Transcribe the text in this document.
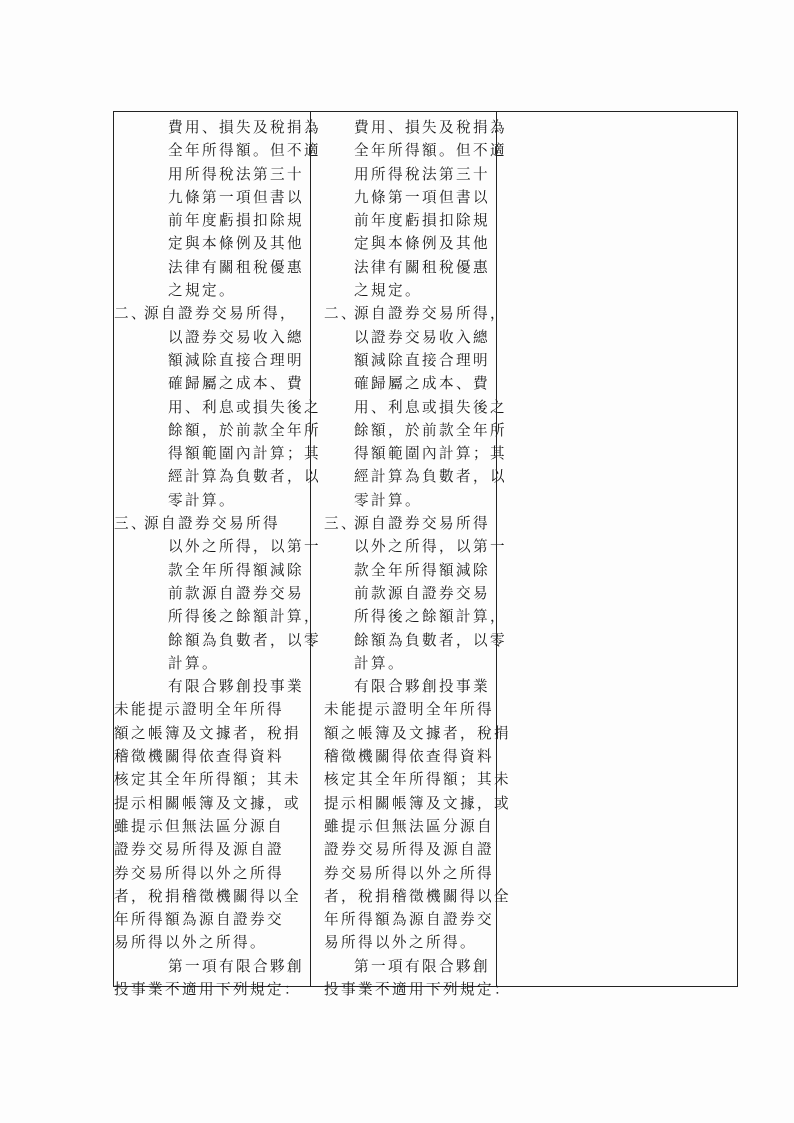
費用、損失及稅捐為
全年所得額。但不適
用所得稅法第三十
九條第一項但書以
前年度虧損扣除規
定與本條例及其他
法律有關租稅優惠
之規定。
二、源自證券交易所得，
以證券交易收入總
額減除直接合理明
確歸屬之成本、費
用、利息或損失後之
餘額，於前款全年所
得額範圍內計算；其
經計算為負數者，以
零計算。
三、源自證券交易所得
以外之所得，以第一
款全年所得額減除
前款源自證券交易
所得後之餘額計算，
餘額為負數者，以零
計算。
有限合夥創投事業
未能提示證明全年所得
額之帳簿及文據者，稅捐
稽徵機關得依查得資料
核定其全年所得額；其未
提示相關帳簿及文據，或
雖提示但無法區分源自
證券交易所得及源自證
券交易所得以外之所得
者，稅捐稽徵機關得以全
年所得額為源自證券交
易所得以外之所得。
第一項有限合夥創
投事業不適用下列規定：
費用、損失及稅捐為
全年所得額。但不適
用所得稅法第三十
九條第一項但書以
前年度虧損扣除規
定與本條例及其他
法律有關租稅優惠
之規定。
二、源自證券交易所得，
以證券交易收入總
額減除直接合理明
確歸屬之成本、費
用、利息或損失後之
餘額，於前款全年所
得額範圍內計算；其
經計算為負數者，以
零計算。
三、源自證券交易所得
以外之所得，以第一
款全年所得額減除
前款源自證券交易
所得後之餘額計算，
餘額為負數者，以零
計算。
有限合夥創投事業
未能提示證明全年所得
額之帳簿及文據者，稅捐
稽徵機關得依查得資料
核定其全年所得額；其未
提示相關帳簿及文據，或
雖提示但無法區分源自
證券交易所得及源自證
券交易所得以外之所得
者，稅捐稽徵機關得以全
年所得額為源自證券交
易所得以外之所得。
第一項有限合夥創
投事業不適用下列規定：
